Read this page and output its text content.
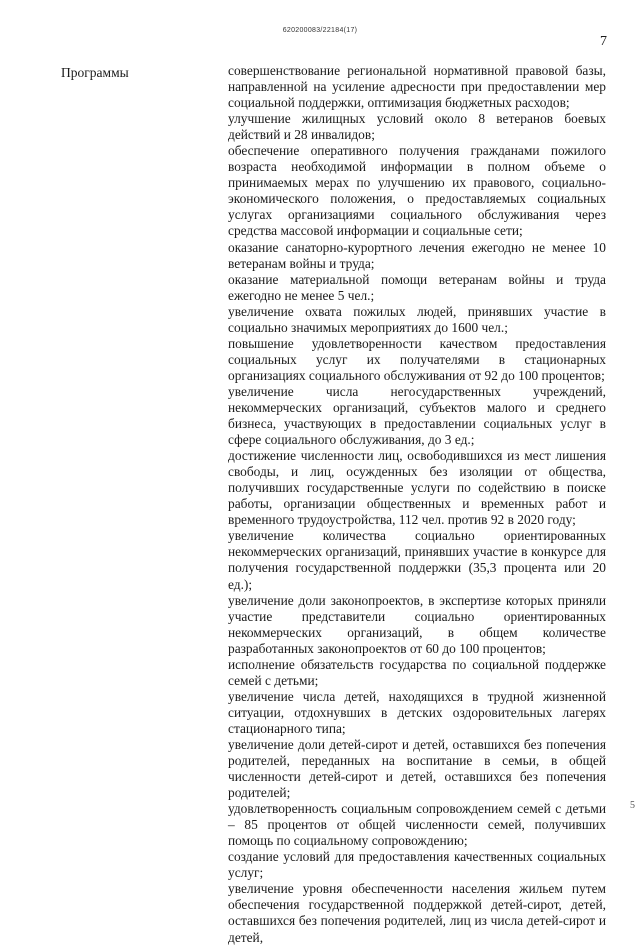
620200083/22184(17)
7
Программы	совершенствование региональной нормативной правовой базы, направленной на усиление адресности при предоставлении мер социальной поддержки, оптимизация бюджетных расходов;

улучшение жилищных условий около 8 ветеранов боевых действий и 28 инвалидов;

обеспечение оперативного получения гражданами пожилого возраста необходимой информации в полном объеме о принимаемых мерах по улучшению их правового, социально-экономического положения, о предоставляемых социальных услугах организациями социального обслуживания через средства массовой информации и социальные сети;

оказание санаторно-курортного лечения ежегодно не менее 10 ветеранам войны и труда;

оказание материальной помощи ветеранам войны и труда ежегодно не менее 5 чел.;

увеличение охвата пожилых людей, принявших участие в социально значимых мероприятиях до 1600 чел.;

повышение удовлетворенности качеством предоставления социальных услуг их получателями в стационарных организациях социального обслуживания от 92 до 100 процентов;

увеличение числа негосударственных учреждений, некоммерческих организаций, субъектов малого и среднего бизнеса, участвующих в предоставлении социальных услуг в сфере социального обслуживания, до 3 ед.;

достижение численности лиц, освободившихся из мест лишения свободы, и лиц, осужденных без изоляции от общества, получивших государственные услуги по содействию в поиске работы, организации общественных и временных работ и временного трудоустройства, 112 чел. против 92 в 2020 году;

увеличение количества социально ориентированных некоммерческих организаций, принявших участие в конкурсе для получения государственной поддержки (35,3 процента или 20 ед.);

увеличение доли законопроектов, в экспертизе которых приняли участие представители социально ориентированных некоммерческих организаций, в общем количестве разработанных законопроектов от 60 до 100 процентов;

исполнение обязательств государства по социальной поддержке семей с детьми;

увеличение числа детей, находящихся в трудной жизненной ситуации, отдохнувших в детских оздоровительных лагерях стационарного типа;

увеличение доли детей-сирот и детей, оставшихся без попечения родителей, переданных на воспитание в семьи, в общей численности детей-сирот и детей, оставшихся без попечения родителей;

удовлетворенность социальным сопровождением семей с детьми – 85 процентов от общей численности семей, получивших помощь по социальному сопровождению;

создание условий для предоставления качественных социальных услуг;

увеличение уровня обеспеченности населения жильем путем обеспечения государственной поддержкой детей-сирот, детей, оставшихся без попечения родителей, лиц из числа детей-сирот и детей,

5
